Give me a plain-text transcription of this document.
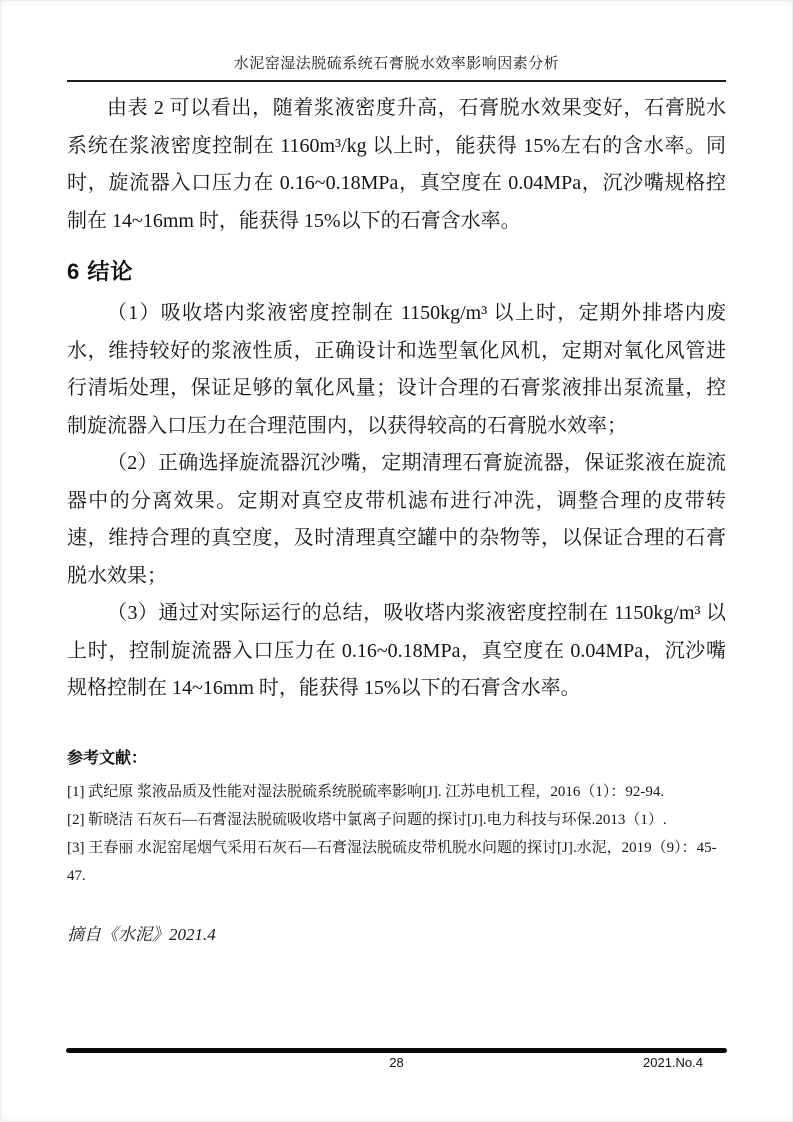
水泥窑湿法脱硫系统石膏脱水效率影响因素分析

由表 2 可以看出，随着浆液密度升高，石膏脱水效果变好，石膏脱水系统在浆液密度控制在 1160m³/kg 以上时，能获得 15%左右的含水率。同时，旋流器入口压力在 0.16~0.18MPa，真空度在 0.04MPa，沉沙嘴规格控制在 14~16mm 时，能获得 15%以下的石膏含水率。

6 结论

（1）吸收塔内浆液密度控制在 1150kg/m³ 以上时，定期外排塔内废水，维持较好的浆液性质，正确设计和选型氧化风机，定期对氧化风管进行清垢处理，保证足够的氧化风量；设计合理的石膏浆液排出泵流量，控制旋流器入口压力在合理范围内，以获得较高的石膏脱水效率；

（2）正确选择旋流器沉沙嘴，定期清理石膏旋流器，保证浆液在旋流器中的分离效果。定期对真空皮带机滤布进行冲洗，调整合理的皮带转速，维持合理的真空度，及时清理真空罐中的杂物等，以保证合理的石膏脱水效果；

（3）通过对实际运行的总结，吸收塔内浆液密度控制在 1150kg/m³ 以上时，控制旋流器入口压力在 0.16~0.18MPa，真空度在 0.04MPa，沉沙嘴规格控制在 14~16mm 时，能获得 15%以下的石膏含水率。

参考文献：

[1] 武纪原 浆液品质及性能对湿法脱硫系统脱硫率影响[J]. 江苏电机工程，2016（1）：92-94.

[2] 靳晓洁 石灰石—石膏湿法脱硫吸收塔中氯离子问题的探讨[J].电力科技与环保.2013（1）.

[3] 王春丽 水泥窑尾烟气采用石灰石—石膏湿法脱硫皮带机脱水问题的探讨[J].水泥，2019（9）：45-47.

摘自《水泥》2021.4
28	2021.No.4
